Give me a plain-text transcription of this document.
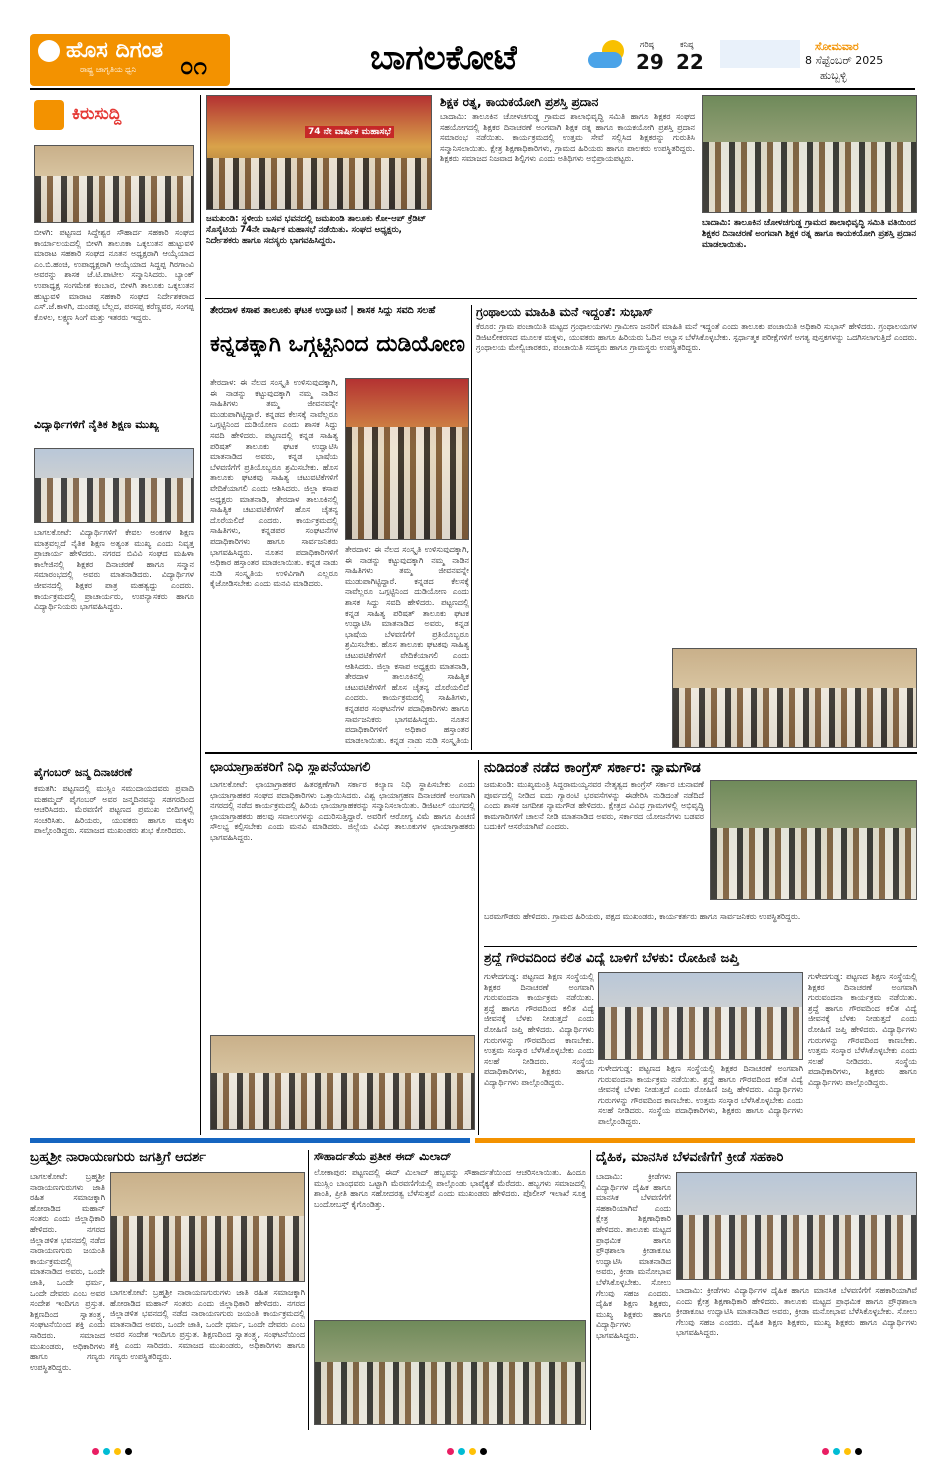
ಹೊಸ ದಿಗಂತ
ರಾಷ್ಟ್ರ ಜಾಗೃತಿಯ ಧ್ವನಿ ೦೧	ಬಾಗಲಕೋಟೆ	ಗರಿಷ್ಠ
29
ಕನಿಷ್ಠ
22
ಸೋಮವಾರ
8 ಸೆಪ್ಟೆಂಬರ್ 2025
ಹುಬ್ಬಳ್ಳಿ
ಕಿರುಸುದ್ದಿ
ಬೀಳಗಿ: ಪಟ್ಟಣದ ಸಿದ್ದೇಶ್ವರ ಸೌಹಾರ್ದ ಸಹಕಾರಿ ಸಂಘದ ಕಾರ್ಯಾಲಯದಲ್ಲಿ ಬೀಳಗಿ ತಾಲೂಕಾ ಒಕ್ಕಲುತನ ಹುಟ್ಟುವಳಿ ಮಾರಾಟ ಸಹಕಾರಿ ಸಂಘದ ನೂತನ ಅಧ್ಯಕ್ಷರಾಗಿ ಆಯ್ಕೆಯಾದ ಎಂ.ಬಿ.ಹಂಚಿ, ಉಪಾಧ್ಯಕ್ಷರಾಗಿ ಆಯ್ಕೆಯಾದ ಸಿದ್ದಪ್ಪ ಗಿರಗಾಂವಿ ಅವರನ್ನು ಶಾಸಕ ಜೆ.ಟಿ.ಪಾಟೀಲ ಸನ್ಮಾನಿಸಿದರು. ಬ್ಯಾಂಕ್ ಉಪಾಧ್ಯಕ್ಷ ಸಂಗಮೇಶ ಕಂಬಾರ, ಬೀಳಗಿ ತಾಲೂಕು ಒಕ್ಕಲುತನ ಹುಟ್ಟುವಳಿ ಮಾರಾಟ ಸಹಕಾರಿ ಸಂಘದ ನಿರ್ದೇಶಕರಾದ ಎಸ್.ಜೆ.ಕಾಳಗಿ, ದುಂಡಪ್ಪ ಬೆಲ್ಲದ, ಪರಸಪ್ಪ ಕರೆಣ್ಣವರ, ಸಂಗಪ್ಪ ಕೊಳಲ, ಲಕ್ಷ್ಮಣ ಸಿಂಗೆ ಮತ್ತು ಇತರರು ಇದ್ದರು.
ವಿದ್ಯಾರ್ಥಿಗಳಿಗೆ ನೈತಿಕ ಶಿಕ್ಷಣ ಮುಖ್ಯ
ಬಾಗಲಕೋಟೆ: ವಿದ್ಯಾರ್ಥಿಗಳಿಗೆ ಕೇವಲ ಅಂಕಗಳ ಶಿಕ್ಷಣ ಮಾತ್ರವಲ್ಲದೆ ನೈತಿಕ ಶಿಕ್ಷಣ ಅತ್ಯಂತ ಮುಖ್ಯ ಎಂದು ನಿವೃತ್ತ ಪ್ರಾಚಾರ್ಯ ಹೇಳಿದರು. ನಗರದ ಬಿವಿವಿ ಸಂಘದ ಮಹಿಳಾ ಕಾಲೇಜಿನಲ್ಲಿ ಶಿಕ್ಷಕರ ದಿನಾಚರಣೆ ಹಾಗೂ ಸನ್ಮಾನ ಸಮಾರಂಭದಲ್ಲಿ ಅವರು ಮಾತನಾಡಿದರು. ವಿದ್ಯಾರ್ಥಿಗಳ ಜೀವನದಲ್ಲಿ ಶಿಕ್ಷಕರ ಪಾತ್ರ ಮಹತ್ವದ್ದು ಎಂದರು. ಕಾರ್ಯಕ್ರಮದಲ್ಲಿ ಪ್ರಾಚಾರ್ಯರು, ಉಪನ್ಯಾಸಕರು ಹಾಗೂ ವಿದ್ಯಾರ್ಥಿನಿಯರು ಭಾಗವಹಿಸಿದ್ದರು.
ಪೈಗಂಬರ್ ಜನ್ಮ ದಿನಾಚರಣೆ
ಕಮತಗಿ: ಪಟ್ಟಣದಲ್ಲಿ ಮುಸ್ಲಿಂ ಸಮುದಾಯದವರು ಪ್ರವಾದಿ ಮಹಮ್ಮದ್ ಪೈಗಂಬರ್ ಅವರ ಜನ್ಮದಿನವನ್ನು ಸಡಗರದಿಂದ ಆಚರಿಸಿದರು. ಮೆರವಣಿಗೆ ಪಟ್ಟಣದ ಪ್ರಮುಖ ಬೀದಿಗಳಲ್ಲಿ ಸಂಚರಿಸಿತು. ಹಿರಿಯರು, ಯುವಕರು ಹಾಗೂ ಮಕ್ಕಳು ಪಾಲ್ಗೊಂಡಿದ್ದರು. ಸಮಾಜದ ಮುಖಂಡರು ಶುಭ ಕೋರಿದರು.
74 ನೇ ವಾರ್ಷಿಕ ಮಹಾಸಭೆ
ಜಮಖಂಡಿ: ಸ್ಥಳೀಯ ಬಸವ ಭವನದಲ್ಲಿ ಜಮಖಂಡಿ ತಾಲೂಕು ಕೋ-ಆಪ್ ಕ್ರೆಡಿಟ್ ಸೊಸೈಟಿಯ 74ನೇ ವಾರ್ಷಿಕ ಮಹಾಸಭೆ ನಡೆಯಿತು. ಸಂಘದ ಅಧ್ಯಕ್ಷರು, ನಿರ್ದೇಶಕರು ಹಾಗೂ ಸದಸ್ಯರು ಭಾಗವಹಿಸಿದ್ದರು.
ಶಿಕ್ಷಕ ರತ್ನ, ಕಾಯಕಯೋಗಿ ಪ್ರಶಸ್ತಿ ಪ್ರದಾನ
ಬಾದಾಮಿ: ತಾಲೂಕಿನ ಚೋಳಚಗುಡ್ಡ ಗ್ರಾಮದ ಶಾಲಾಭಿವೃದ್ಧಿ ಸಮಿತಿ ಹಾಗೂ ಶಿಕ್ಷಕರ ಸಂಘದ ಸಹಯೋಗದಲ್ಲಿ ಶಿಕ್ಷಕರ ದಿನಾಚರಣೆ ಅಂಗವಾಗಿ ಶಿಕ್ಷಕ ರತ್ನ ಹಾಗೂ ಕಾಯಕಯೋಗಿ ಪ್ರಶಸ್ತಿ ಪ್ರದಾನ ಸಮಾರಂಭ ನಡೆಯಿತು. ಕಾರ್ಯಕ್ರಮದಲ್ಲಿ ಉತ್ತಮ ಸೇವೆ ಸಲ್ಲಿಸಿದ ಶಿಕ್ಷಕರನ್ನು ಗುರುತಿಸಿ ಸನ್ಮಾನಿಸಲಾಯಿತು. ಕ್ಷೇತ್ರ ಶಿಕ್ಷಣಾಧಿಕಾರಿಗಳು, ಗ್ರಾಮದ ಹಿರಿಯರು ಹಾಗೂ ಪಾಲಕರು ಉಪಸ್ಥಿತರಿದ್ದರು. ಶಿಕ್ಷಕರು ಸಮಾಜದ ನಿಜವಾದ ಶಿಲ್ಪಿಗಳು ಎಂದು ಅತಿಥಿಗಳು ಅಭಿಪ್ರಾಯಪಟ್ಟರು.
ಬಾದಾಮಿ: ತಾಲೂಕಿನ ಚೋಳಚಗುಡ್ಡ ಗ್ರಾಮದ ಶಾಲಾಭಿವೃದ್ಧಿ ಸಮಿತಿ ವತಿಯಿಂದ ಶಿಕ್ಷಕರ ದಿನಾಚರಣೆ ಅಂಗವಾಗಿ ಶಿಕ್ಷಕ ರತ್ನ ಹಾಗೂ ಕಾಯಕಯೋಗಿ ಪ್ರಶಸ್ತಿ ಪ್ರದಾನ ಮಾಡಲಾಯಿತು.
ತೇರದಾಳ ಕಸಾಪ ತಾಲೂಕು ಘಟಕ ಉದ್ಘಾಟನೆ | ಶಾಸಕ ಸಿದ್ದು ಸವದಿ ಸಲಹೆ
ಕನ್ನಡಕ್ಕಾಗಿ ಒಗ್ಗಟ್ಟಿನಿಂದ ದುಡಿಯೋಣ
ತೇರದಾಳ: ಈ ನೆಲದ ಸಂಸ್ಕೃತಿ ಉಳಿಸುವುದಕ್ಕಾಗಿ, ಈ ನಾಡನ್ನು ಕಟ್ಟುವುದಕ್ಕಾಗಿ ನಮ್ಮ ನಾಡಿನ ಸಾಹಿತಿಗಳು ತಮ್ಮ ಜೀವನವನ್ನೇ ಮುಡುಪಾಗಿಟ್ಟಿದ್ದಾರೆ. ಕನ್ನಡದ ಕೆಲಸಕ್ಕೆ ನಾವೆಲ್ಲರೂ ಒಗ್ಗಟ್ಟಿನಿಂದ ದುಡಿಯೋಣ ಎಂದು ಶಾಸಕ ಸಿದ್ದು ಸವದಿ ಹೇಳಿದರು. ಪಟ್ಟಣದಲ್ಲಿ ಕನ್ನಡ ಸಾಹಿತ್ಯ ಪರಿಷತ್ ತಾಲೂಕು ಘಟಕ ಉದ್ಘಾಟಿಸಿ ಮಾತನಾಡಿದ ಅವರು, ಕನ್ನಡ ಭಾಷೆಯ ಬೆಳವಣಿಗೆಗೆ ಪ್ರತಿಯೊಬ್ಬರೂ ಶ್ರಮಿಸಬೇಕು. ಹೊಸ ತಾಲೂಕು ಘಟಕವು ಸಾಹಿತ್ಯ ಚಟುವಟಿಕೆಗಳಿಗೆ ವೇದಿಕೆಯಾಗಲಿ ಎಂದು ಆಶಿಸಿದರು. ಜಿಲ್ಲಾ ಕಸಾಪ ಅಧ್ಯಕ್ಷರು ಮಾತನಾಡಿ, ತೇರದಾಳ ತಾಲೂಕಿನಲ್ಲಿ ಸಾಹಿತ್ಯಿಕ ಚಟುವಟಿಕೆಗಳಿಗೆ ಹೊಸ ಚೈತನ್ಯ ದೊರೆಯಲಿದೆ ಎಂದರು. ಕಾರ್ಯಕ್ರಮದಲ್ಲಿ ಸಾಹಿತಿಗಳು, ಕನ್ನಡಪರ ಸಂಘಟನೆಗಳ ಪದಾಧಿಕಾರಿಗಳು ಹಾಗೂ ಸಾರ್ವಜನಿಕರು ಭಾಗವಹಿಸಿದ್ದರು. ನೂತನ ಪದಾಧಿಕಾರಿಗಳಿಗೆ ಅಧಿಕಾರ ಹಸ್ತಾಂತರ ಮಾಡಲಾಯಿತು. ಕನ್ನಡ ನಾಡು ನುಡಿ ಸಂಸ್ಕೃತಿಯ ಉಳಿವಿಗಾಗಿ ಎಲ್ಲರೂ ಕೈಜೋಡಿಸಬೇಕು ಎಂದು ಮನವಿ ಮಾಡಿದರು.
ತೇರದಾಳ: ಈ ನೆಲದ ಸಂಸ್ಕೃತಿ ಉಳಿಸುವುದಕ್ಕಾಗಿ, ಈ ನಾಡನ್ನು ಕಟ್ಟುವುದಕ್ಕಾಗಿ ನಮ್ಮ ನಾಡಿನ ಸಾಹಿತಿಗಳು ತಮ್ಮ ಜೀವನವನ್ನೇ ಮುಡುಪಾಗಿಟ್ಟಿದ್ದಾರೆ. ಕನ್ನಡದ ಕೆಲಸಕ್ಕೆ ನಾವೆಲ್ಲರೂ ಒಗ್ಗಟ್ಟಿನಿಂದ ದುಡಿಯೋಣ ಎಂದು ಶಾಸಕ ಸಿದ್ದು ಸವದಿ ಹೇಳಿದರು. ಪಟ್ಟಣದಲ್ಲಿ ಕನ್ನಡ ಸಾಹಿತ್ಯ ಪರಿಷತ್ ತಾಲೂಕು ಘಟಕ ಉದ್ಘಾಟಿಸಿ ಮಾತನಾಡಿದ ಅವರು, ಕನ್ನಡ ಭಾಷೆಯ ಬೆಳವಣಿಗೆಗೆ ಪ್ರತಿಯೊಬ್ಬರೂ ಶ್ರಮಿಸಬೇಕು. ಹೊಸ ತಾಲೂಕು ಘಟಕವು ಸಾಹಿತ್ಯ ಚಟುವಟಿಕೆಗಳಿಗೆ ವೇದಿಕೆಯಾಗಲಿ ಎಂದು ಆಶಿಸಿದರು. ಜಿಲ್ಲಾ ಕಸಾಪ ಅಧ್ಯಕ್ಷರು ಮಾತನಾಡಿ, ತೇರದಾಳ ತಾಲೂಕಿನಲ್ಲಿ ಸಾಹಿತ್ಯಿಕ ಚಟುವಟಿಕೆಗಳಿಗೆ ಹೊಸ ಚೈತನ್ಯ ದೊರೆಯಲಿದೆ ಎಂದರು. ಕಾರ್ಯಕ್ರಮದಲ್ಲಿ ಸಾಹಿತಿಗಳು, ಕನ್ನಡಪರ ಸಂಘಟನೆಗಳ ಪದಾಧಿಕಾರಿಗಳು ಹಾಗೂ ಸಾರ್ವಜನಿಕರು ಭಾಗವಹಿಸಿದ್ದರು. ನೂತನ ಪದಾಧಿಕಾರಿಗಳಿಗೆ ಅಧಿಕಾರ ಹಸ್ತಾಂತರ ಮಾಡಲಾಯಿತು. ಕನ್ನಡ ನಾಡು ನುಡಿ ಸಂಸ್ಕೃತಿಯ
ಗ್ರಂಥಾಲಯ ಮಾಹಿತಿ ಮನೆ ಇದ್ದಂತೆ: ಸುಭಾಸ್
ಕೆರೂರ: ಗ್ರಾಮ ಪಂಚಾಯಿತಿ ಮಟ್ಟದ ಗ್ರಂಥಾಲಯಗಳು ಗ್ರಾಮೀಣ ಜನರಿಗೆ ಮಾಹಿತಿ ಮನೆ ಇದ್ದಂತೆ ಎಂದು ತಾಲೂಕು ಪಂಚಾಯಿತಿ ಅಧಿಕಾರಿ ಸುಭಾಸ್ ಹೇಳಿದರು. ಗ್ರಂಥಾಲಯಗಳ ಡಿಜಿಟಲೀಕರಣದ ಮೂಲಕ ಮಕ್ಕಳು, ಯುವಕರು ಹಾಗೂ ಹಿರಿಯರು ಓದಿನ ಅಭ್ಯಾಸ ಬೆಳೆಸಿಕೊಳ್ಳಬೇಕು. ಸ್ಪರ್ಧಾತ್ಮಕ ಪರೀಕ್ಷೆಗಳಿಗೆ ಅಗತ್ಯ ಪುಸ್ತಕಗಳನ್ನು ಒದಗಿಸಲಾಗುತ್ತಿದೆ ಎಂದರು. ಗ್ರಂಥಾಲಯ ಮೇಲ್ವಿಚಾರಕರು, ಪಂಚಾಯಿತಿ ಸದಸ್ಯರು ಹಾಗೂ ಗ್ರಾಮಸ್ಥರು ಉಪಸ್ಥಿತರಿದ್ದರು.
ಛಾಯಾಗ್ರಾಹಕರಿಗೆ ನಿಧಿ ಸ್ಥಾಪನೆಯಾಗಲಿ
ಬಾಗಲಕೋಟೆ: ಛಾಯಾಗ್ರಾಹಕರ ಹಿತರಕ್ಷಣೆಗಾಗಿ ಸರ್ಕಾರ ಕಲ್ಯಾಣ ನಿಧಿ ಸ್ಥಾಪಿಸಬೇಕು ಎಂದು ಛಾಯಾಗ್ರಾಹಕರ ಸಂಘದ ಪದಾಧಿಕಾರಿಗಳು ಒತ್ತಾಯಿಸಿದರು. ವಿಶ್ವ ಛಾಯಾಗ್ರಹಣ ದಿನಾಚರಣೆ ಅಂಗವಾಗಿ ನಗರದಲ್ಲಿ ನಡೆದ ಕಾರ್ಯಕ್ರಮದಲ್ಲಿ ಹಿರಿಯ ಛಾಯಾಗ್ರಾಹಕರನ್ನು ಸನ್ಮಾನಿಸಲಾಯಿತು. ಡಿಜಿಟಲ್ ಯುಗದಲ್ಲಿ ಛಾಯಾಗ್ರಾಹಕರು ಹಲವು ಸವಾಲುಗಳನ್ನು ಎದುರಿಸುತ್ತಿದ್ದಾರೆ. ಅವರಿಗೆ ಆರೋಗ್ಯ ವಿಮೆ ಹಾಗೂ ಪಿಂಚಣಿ ಸೌಲಭ್ಯ ಕಲ್ಪಿಸಬೇಕು ಎಂದು ಮನವಿ ಮಾಡಿದರು. ಜಿಲ್ಲೆಯ ವಿವಿಧ ತಾಲೂಕುಗಳ ಛಾಯಾಗ್ರಾಹಕರು ಭಾಗವಹಿಸಿದ್ದರು.
ನುಡಿದಂತೆ ನಡೆದ ಕಾಂಗ್ರೆಸ್ ಸರ್ಕಾರ: ನ್ಯಾಮಗೌಡ
ಜಮಖಂಡಿ: ಮುಖ್ಯಮಂತ್ರಿ ಸಿದ್ದರಾಮಯ್ಯನವರ ನೇತೃತ್ವದ ಕಾಂಗ್ರೆಸ್ ಸರ್ಕಾರ ಚುನಾವಣೆ ಪೂರ್ವದಲ್ಲಿ ನೀಡಿದ ಐದು ಗ್ಯಾರಂಟಿ ಭರವಸೆಗಳನ್ನು ಈಡೇರಿಸಿ ನುಡಿದಂತೆ ನಡೆದಿದೆ ಎಂದು ಶಾಸಕ ಜಗದೀಶ ನ್ಯಾಮಗೌಡ ಹೇಳಿದರು. ಕ್ಷೇತ್ರದ ವಿವಿಧ ಗ್ರಾಮಗಳಲ್ಲಿ ಅಭಿವೃದ್ಧಿ ಕಾಮಗಾರಿಗಳಿಗೆ ಚಾಲನೆ ನೀಡಿ ಮಾತನಾಡಿದ ಅವರು, ಸರ್ಕಾರದ ಯೋಜನೆಗಳು ಬಡವರ ಬದುಕಿಗೆ ಆಸರೆಯಾಗಿವೆ ಎಂದರು.
ಬರಮಗೌಡರು ಹೇಳಿದರು. ಗ್ರಾಮದ ಹಿರಿಯರು, ಪಕ್ಷದ ಮುಖಂಡರು, ಕಾರ್ಯಕರ್ತರು ಹಾಗೂ ಸಾರ್ವಜನಿಕರು ಉಪಸ್ಥಿತರಿದ್ದರು.
ಶ್ರದ್ದೆ ಗೌರವದಿಂದ ಕಲಿತ ವಿದ್ಯೆ ಬಾಳಿಗೆ ಬೆಳಕು: ರೋಹಿಣಿ ಜಪ್ತಿ
ಗುಳೇದಗುಡ್ಡ: ಪಟ್ಟಣದ ಶಿಕ್ಷಣ ಸಂಸ್ಥೆಯಲ್ಲಿ ಶಿಕ್ಷಕರ ದಿನಾಚರಣೆ ಅಂಗವಾಗಿ ಗುರುವಂದನಾ ಕಾರ್ಯಕ್ರಮ ನಡೆಯಿತು. ಶ್ರದ್ದೆ ಹಾಗೂ ಗೌರವದಿಂದ ಕಲಿತ ವಿದ್ಯೆ ಜೀವನಕ್ಕೆ ಬೆಳಕು ನೀಡುತ್ತದೆ ಎಂದು ರೋಹಿಣಿ ಜಪ್ತಿ ಹೇಳಿದರು. ವಿದ್ಯಾರ್ಥಿಗಳು ಗುರುಗಳನ್ನು ಗೌರವದಿಂದ ಕಾಣಬೇಕು. ಉತ್ತಮ ಸಂಸ್ಕಾರ ಬೆಳೆಸಿಕೊಳ್ಳಬೇಕು ಎಂದು ಸಲಹೆ ನೀಡಿದರು. ಸಂಸ್ಥೆಯ ಪದಾಧಿಕಾರಿಗಳು, ಶಿಕ್ಷಕರು ಹಾಗೂ ವಿದ್ಯಾರ್ಥಿಗಳು ಪಾಲ್ಗೊಂಡಿದ್ದರು.
ಗುಳೇದಗುಡ್ಡ: ಪಟ್ಟಣದ ಶಿಕ್ಷಣ ಸಂಸ್ಥೆಯಲ್ಲಿ ಶಿಕ್ಷಕರ ದಿನಾಚರಣೆ ಅಂಗವಾಗಿ ಗುರುವಂದನಾ ಕಾರ್ಯಕ್ರಮ ನಡೆಯಿತು. ಶ್ರದ್ದೆ ಹಾಗೂ ಗೌರವದಿಂದ ಕಲಿತ ವಿದ್ಯೆ ಜೀವನಕ್ಕೆ ಬೆಳಕು ನೀಡುತ್ತದೆ ಎಂದು ರೋಹಿಣಿ ಜಪ್ತಿ ಹೇಳಿದರು. ವಿದ್ಯಾರ್ಥಿಗಳು ಗುರುಗಳನ್ನು ಗೌರವದಿಂದ ಕಾಣಬೇಕು. ಉತ್ತಮ ಸಂಸ್ಕಾರ ಬೆಳೆಸಿಕೊಳ್ಳಬೇಕು ಎಂದು ಸಲಹೆ ನೀಡಿದರು. ಸಂಸ್ಥೆಯ ಪದಾಧಿಕಾರಿಗಳು, ಶಿಕ್ಷಕರು ಹಾಗೂ ವಿದ್ಯಾರ್ಥಿಗಳು ಪಾಲ್ಗೊಂಡಿದ್ದರು.
ಗುಳೇದಗುಡ್ಡ: ಪಟ್ಟಣದ ಶಿಕ್ಷಣ ಸಂಸ್ಥೆಯಲ್ಲಿ ಶಿಕ್ಷಕರ ದಿನಾಚರಣೆ ಅಂಗವಾಗಿ ಗುರುವಂದನಾ ಕಾರ್ಯಕ್ರಮ ನಡೆಯಿತು. ಶ್ರದ್ದೆ ಹಾಗೂ ಗೌರವದಿಂದ ಕಲಿತ ವಿದ್ಯೆ ಜೀವನಕ್ಕೆ ಬೆಳಕು ನೀಡುತ್ತದೆ ಎಂದು ರೋಹಿಣಿ ಜಪ್ತಿ ಹೇಳಿದರು. ವಿದ್ಯಾರ್ಥಿಗಳು ಗುರುಗಳನ್ನು ಗೌರವದಿಂದ ಕಾಣಬೇಕು. ಉತ್ತಮ ಸಂಸ್ಕಾರ ಬೆಳೆಸಿಕೊಳ್ಳಬೇಕು ಎಂದು ಸಲಹೆ ನೀಡಿದರು. ಸಂಸ್ಥೆಯ ಪದಾಧಿಕಾರಿಗಳು, ಶಿಕ್ಷಕರು ಹಾಗೂ ವಿದ್ಯಾರ್ಥಿಗಳು ಪಾಲ್ಗೊಂಡಿದ್ದರು.
ಬ್ರಹ್ಮಶ್ರೀ ನಾರಾಯಣಗುರು ಜಗತ್ತಿಗೆ ಆದರ್ಶ
ಬಾಗಲಕೋಟೆ: ಬ್ರಹ್ಮಶ್ರೀ ನಾರಾಯಣಗುರುಗಳು ಜಾತಿ ರಹಿತ ಸಮಾಜಕ್ಕಾಗಿ ಹೋರಾಡಿದ ಮಹಾನ್ ಸಂತರು ಎಂದು ಜಿಲ್ಲಾಧಿಕಾರಿ ಹೇಳಿದರು. ನಗರದ ಜಿಲ್ಲಾಡಳಿತ ಭವನದಲ್ಲಿ ನಡೆದ ನಾರಾಯಣಗುರು ಜಯಂತಿ ಕಾರ್ಯಕ್ರಮದಲ್ಲಿ ಮಾತನಾಡಿದ ಅವರು, ಒಂದೇ ಜಾತಿ, ಒಂದೇ ಧರ್ಮ, ಒಂದೇ ದೇವರು ಎಂಬ ಅವರ ಸಂದೇಶ ಇಂದಿಗೂ ಪ್ರಸ್ತುತ. ಶಿಕ್ಷಣದಿಂದ ಸ್ವಾತಂತ್ರ್ಯ, ಸಂಘಟನೆಯಿಂದ ಶಕ್ತಿ ಎಂದು ಸಾರಿದರು. ಸಮಾಜದ ಮುಖಂಡರು, ಅಧಿಕಾರಿಗಳು ಹಾಗೂ ಗಣ್ಯರು ಉಪಸ್ಥಿತರಿದ್ದರು.
ಬಾಗಲಕೋಟೆ: ಬ್ರಹ್ಮಶ್ರೀ ನಾರಾಯಣಗುರುಗಳು ಜಾತಿ ರಹಿತ ಸಮಾಜಕ್ಕಾಗಿ ಹೋರಾಡಿದ ಮಹಾನ್ ಸಂತರು ಎಂದು ಜಿಲ್ಲಾಧಿಕಾರಿ ಹೇಳಿದರು. ನಗರದ ಜಿಲ್ಲಾಡಳಿತ ಭವನದಲ್ಲಿ ನಡೆದ ನಾರಾಯಣಗುರು ಜಯಂತಿ ಕಾರ್ಯಕ್ರಮದಲ್ಲಿ ಮಾತನಾಡಿದ ಅವರು, ಒಂದೇ ಜಾತಿ, ಒಂದೇ ಧರ್ಮ, ಒಂದೇ ದೇವರು ಎಂಬ ಅವರ ಸಂದೇಶ ಇಂದಿಗೂ ಪ್ರಸ್ತುತ. ಶಿಕ್ಷಣದಿಂದ ಸ್ವಾತಂತ್ರ್ಯ, ಸಂಘಟನೆಯಿಂದ ಶಕ್ತಿ ಎಂದು ಸಾರಿದರು. ಸಮಾಜದ ಮುಖಂಡರು, ಅಧಿಕಾರಿಗಳು ಹಾಗೂ ಗಣ್ಯರು ಉಪಸ್ಥಿತರಿದ್ದರು.
ಸೌಹಾರ್ದತೆಯ ಪ್ರತೀಕ ಈದ್ ಮಿಲಾದ್
ಲೋಕಾಪುರ: ಪಟ್ಟಣದಲ್ಲಿ ಈದ್ ಮಿಲಾದ್ ಹಬ್ಬವನ್ನು ಸೌಹಾರ್ದತೆಯಿಂದ ಆಚರಿಸಲಾಯಿತು. ಹಿಂದೂ ಮುಸ್ಲಿಂ ಬಾಂಧವರು ಒಟ್ಟಾಗಿ ಮೆರವಣಿಗೆಯಲ್ಲಿ ಪಾಲ್ಗೊಂಡು ಭಾವೈಕ್ಯತೆ ಮೆರೆದರು. ಹಬ್ಬಗಳು ಸಮಾಜದಲ್ಲಿ ಶಾಂತಿ, ಪ್ರೀತಿ ಹಾಗೂ ಸಹೋದರತ್ವ ಬೆಳೆಸುತ್ತವೆ ಎಂದು ಮುಖಂಡರು ಹೇಳಿದರು. ಪೊಲೀಸ್ ಇಲಾಖೆ ಸೂಕ್ತ ಬಂದೋಬಸ್ತ್ ಕೈಗೊಂಡಿತ್ತು.
ದೈಹಿಕ, ಮಾನಸಿಕ ಬೆಳವಣಿಗೆಗೆ ಕ್ರೀಡೆ ಸಹಕಾರಿ
ಬಾದಾಮಿ: ಕ್ರೀಡೆಗಳು ವಿದ್ಯಾರ್ಥಿಗಳ ದೈಹಿಕ ಹಾಗೂ ಮಾನಸಿಕ ಬೆಳವಣಿಗೆಗೆ ಸಹಕಾರಿಯಾಗಿವೆ ಎಂದು ಕ್ಷೇತ್ರ ಶಿಕ್ಷಣಾಧಿಕಾರಿ ಹೇಳಿದರು. ತಾಲೂಕು ಮಟ್ಟದ ಪ್ರಾಥಮಿಕ ಹಾಗೂ ಪ್ರೌಢಶಾಲಾ ಕ್ರೀಡಾಕೂಟ ಉದ್ಘಾಟಿಸಿ ಮಾತನಾಡಿದ ಅವರು, ಕ್ರೀಡಾ ಮನೋಭಾವ ಬೆಳೆಸಿಕೊಳ್ಳಬೇಕು. ಸೋಲು ಗೆಲುವು ಸಹಜ ಎಂದರು. ದೈಹಿಕ ಶಿಕ್ಷಣ ಶಿಕ್ಷಕರು, ಮುಖ್ಯ ಶಿಕ್ಷಕರು ಹಾಗೂ ವಿದ್ಯಾರ್ಥಿಗಳು ಭಾಗವಹಿಸಿದ್ದರು.
ಬಾದಾಮಿ: ಕ್ರೀಡೆಗಳು ವಿದ್ಯಾರ್ಥಿಗಳ ದೈಹಿಕ ಹಾಗೂ ಮಾನಸಿಕ ಬೆಳವಣಿಗೆಗೆ ಸಹಕಾರಿಯಾಗಿವೆ ಎಂದು ಕ್ಷೇತ್ರ ಶಿಕ್ಷಣಾಧಿಕಾರಿ ಹೇಳಿದರು. ತಾಲೂಕು ಮಟ್ಟದ ಪ್ರಾಥಮಿಕ ಹಾಗೂ ಪ್ರೌಢಶಾಲಾ ಕ್ರೀಡಾಕೂಟ ಉದ್ಘಾಟಿಸಿ ಮಾತನಾಡಿದ ಅವರು, ಕ್ರೀಡಾ ಮನೋಭಾವ ಬೆಳೆಸಿಕೊಳ್ಳಬೇಕು. ಸೋಲು ಗೆಲುವು ಸಹಜ ಎಂದರು. ದೈಹಿಕ ಶಿಕ್ಷಣ ಶಿಕ್ಷಕರು, ಮುಖ್ಯ ಶಿಕ್ಷಕರು ಹಾಗೂ ವಿದ್ಯಾರ್ಥಿಗಳು ಭಾಗವಹಿಸಿದ್ದರು.
